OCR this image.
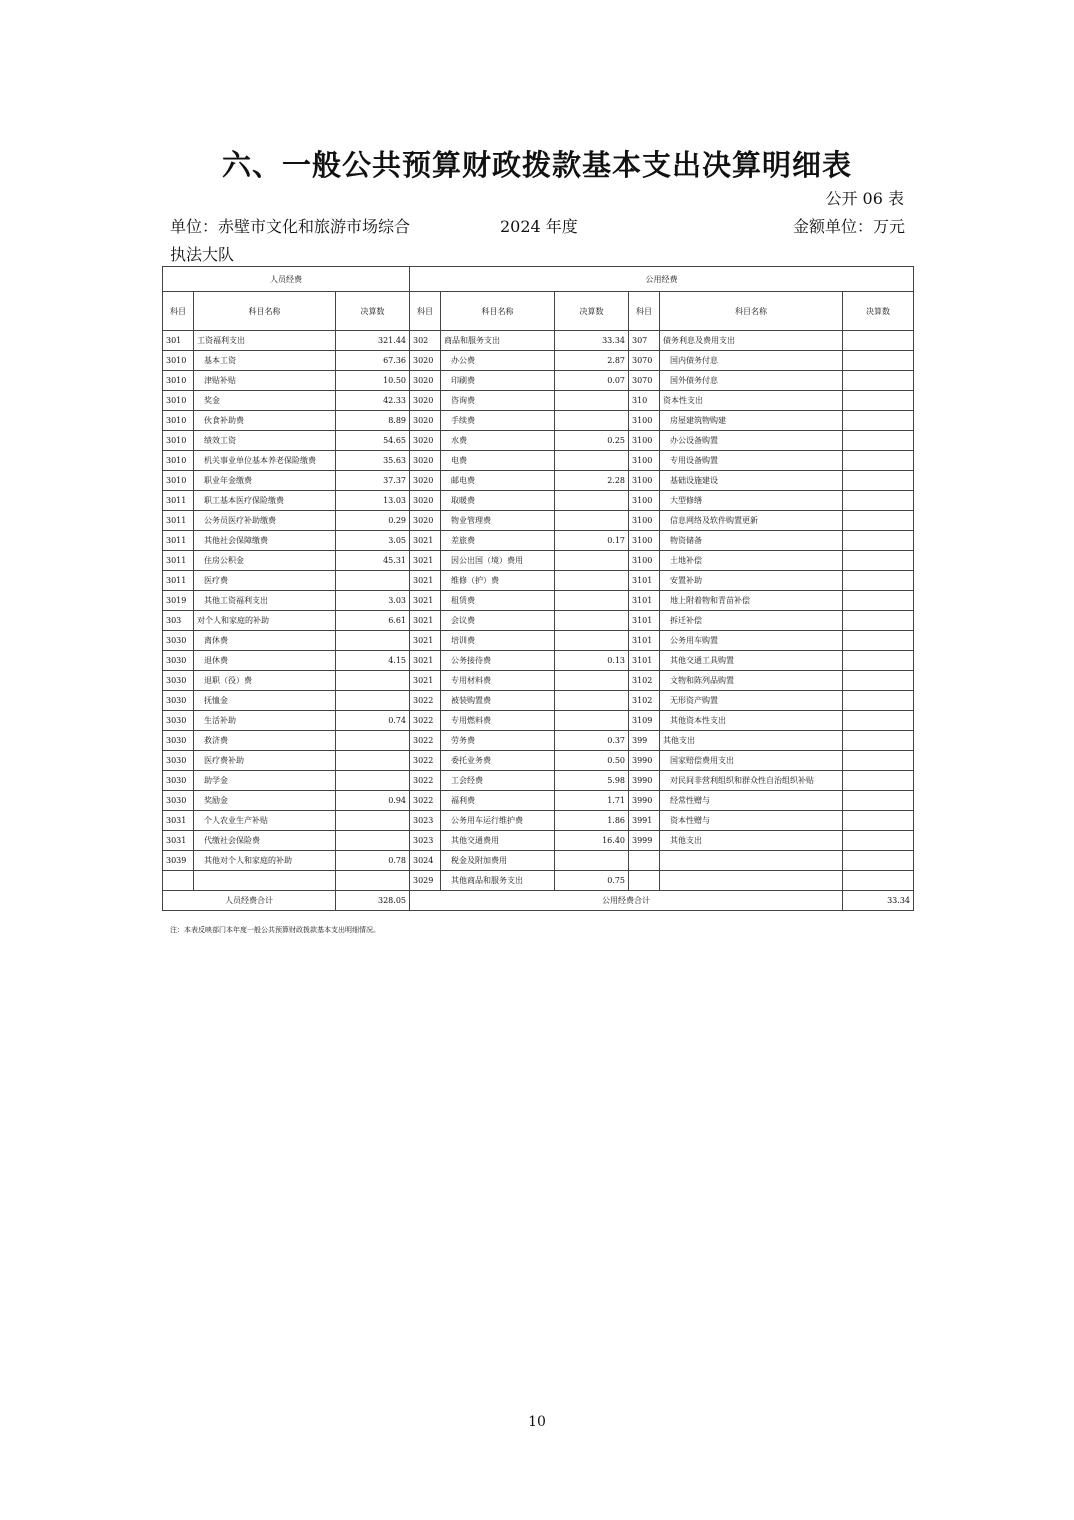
六、一般公共预算财政拨款基本支出决算明细表
公开 06 表
单位：赤壁市文化和旅游市场综合	2024 年度	金额单位：万元
执法大队
人员经费			公用经费					
科目	科目名称	决算数	科目	科目名称	决算数	科目	科目名称	决算数
301	工资福利支出	321.44	302	商品和服务支出	33.34	307	债务利息及费用支出	
3010	基本工资	67.36	3020	办公费	2.87	3070	国内债务付息	
3010	津贴补贴	10.50	3020	印刷费	0.07	3070	国外债务付息	
3010	奖金	42.33	3020	咨询费		310	资本性支出	
3010	伙食补助费	8.89	3020	手续费		3100	房屋建筑物购建	
3010	绩效工资	54.65	3020	水费	0.25	3100	办公设备购置	
3010	机关事业单位基本养老保险缴费	35.63	3020	电费		3100	专用设备购置	
3010	职业年金缴费	37.37	3020	邮电费	2.28	3100	基础设施建设	
3011	职工基本医疗保险缴费	13.03	3020	取暖费		3100	大型修缮	
3011	公务员医疗补助缴费	0.29	3020	物业管理费		3100	信息网络及软件购置更新	
3011	其他社会保障缴费	3.05	3021	差旅费	0.17	3100	物资储备	
3011	住房公积金	45.31	3021	因公出国（境）费用		3100	土地补偿	
3011	医疗费		3021	维修（护）费		3101	安置补助	
3019	其他工资福利支出	3.03	3021	租赁费		3101	地上附着物和青苗补偿	
303	对个人和家庭的补助	6.61	3021	会议费		3101	拆迁补偿	
3030	离休费		3021	培训费		3101	公务用车购置	
3030	退休费	4.15	3021	公务接待费	0.13	3101	其他交通工具购置	
3030	退职（役）费		3021	专用材料费		3102	文物和陈列品购置	
3030	抚恤金		3022	被装购置费		3102	无形资产购置	
3030	生活补助	0.74	3022	专用燃料费		3109	其他资本性支出	
3030	救济费		3022	劳务费	0.37	399	其他支出	
3030	医疗费补助		3022	委托业务费	0.50	3990	国家赔偿费用支出	
3030	助学金		3022	工会经费	5.98	3990	对民间非营利组织和群众性自治组织补贴	
3030	奖励金	0.94	3022	福利费	1.71	3990	经常性赠与	
3031	个人农业生产补贴		3023	公务用车运行维护费	1.86	3991	资本性赠与	
3031	代缴社会保险费		3023	其他交通费用	16.40	3999	其他支出	
3039	其他对个人和家庭的补助	0.78	3024	税金及附加费用				
			3029	其他商品和服务支出	0.75			
人员经费合计		328.05	公用经费合计					33.34
注：本表反映部门本年度一般公共预算财政拨款基本支出明细情况。
10
